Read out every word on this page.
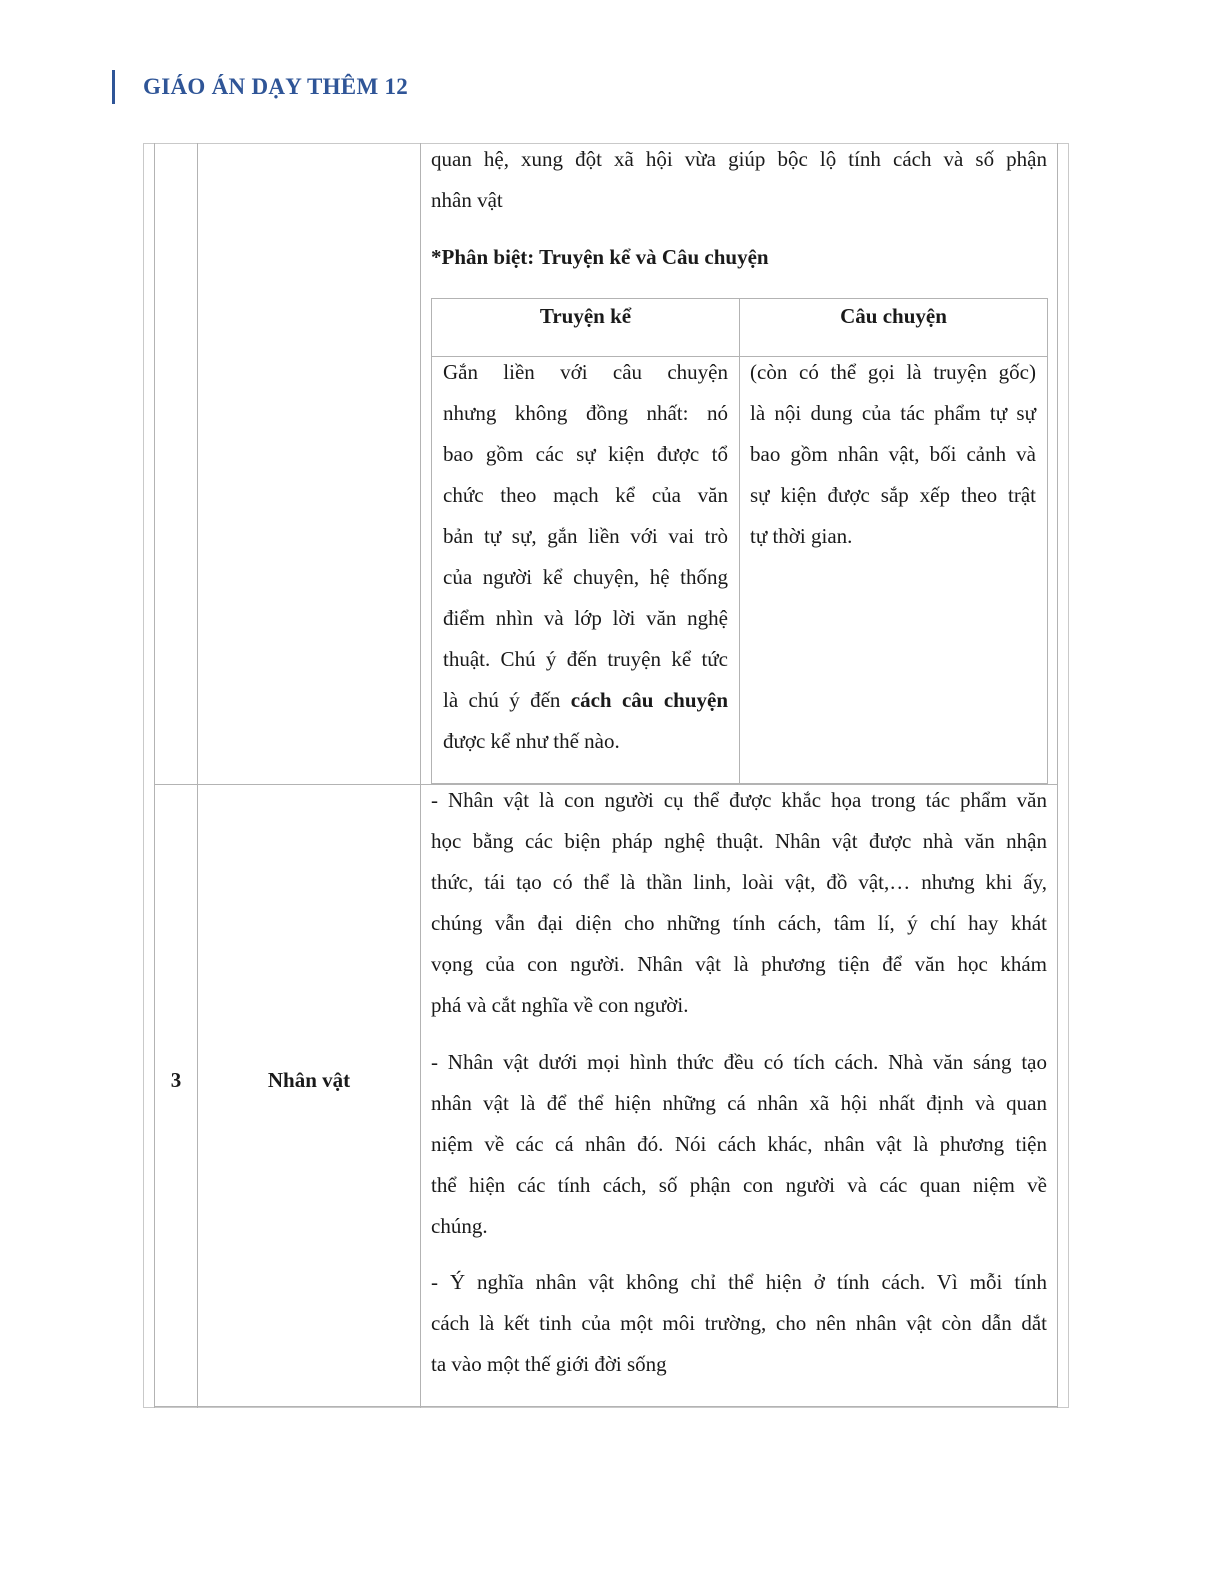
GIÁO ÁN DẠY THÊM 12
quan hệ, xung đột xã hội vừa giúp bộc lộ tính cách và số phận
nhân vật
*Phân biệt: Truyện kể và Câu chuyện
Truyện kể	Câu chuyện
Gắn liền với câu chuyện
nhưng không đồng nhất: nó
bao gồm các sự kiện được tổ
chức theo mạch kể của văn
bản tự sự, gắn liền với vai trò
của người kể chuyện, hệ thống
điểm nhìn và lớp lời văn nghệ
thuật. Chú ý đến truyện kể tức
là chú ý đến cách câu chuyện
được kể như thế nào.
(còn có thể gọi là truyện gốc)
là nội dung của tác phẩm tự sự
bao gồm nhân vật, bối cảnh và
sự kiện được sắp xếp theo trật
tự thời gian.
3	Nhân vật
- Nhân vật là con người cụ thể được khắc họa trong tác phẩm văn
học bằng các biện pháp nghệ thuật. Nhân vật được nhà văn nhận
thức, tái tạo có thể là thần linh, loài vật, đồ vật,… nhưng khi ấy,
chúng vẫn đại diện cho những tính cách, tâm lí, ý chí hay khát
vọng của con người. Nhân vật là phương tiện để văn học khám
phá và cắt nghĩa về con người.
- Nhân vật dưới mọi hình thức đều có tích cách. Nhà văn sáng tạo
nhân vật là để thể hiện những cá nhân xã hội nhất định và quan
niệm về các cá nhân đó. Nói cách khác, nhân vật là phương tiện
thể hiện các tính cách, số phận con người và các quan niệm về
chúng.
- Ý nghĩa nhân vật không chỉ thể hiện ở tính cách. Vì mỗi tính
cách là kết tinh của một môi trường, cho nên nhân vật còn dẫn dắt
ta vào một thế giới đời sống
